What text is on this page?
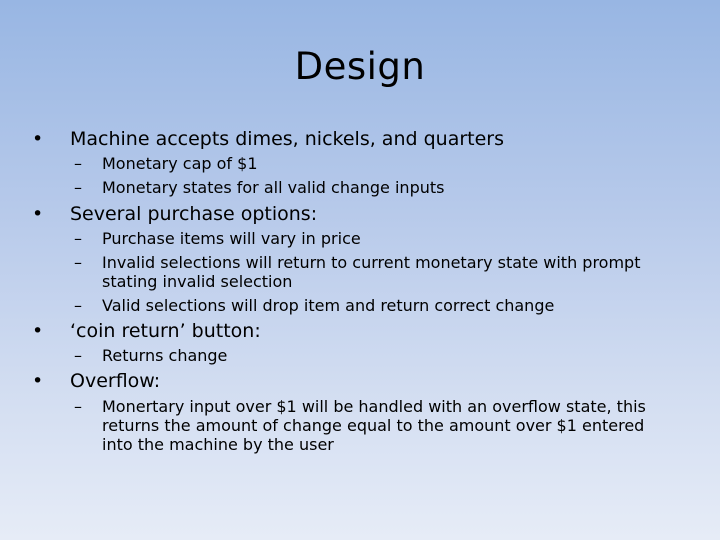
Design
• Machine accepts dimes, nickels, and quarters
– Monetary cap of $1
– Monetary states for all valid change inputs
• Several purchase options:
– Purchase items will vary in price
– Invalid selections will return to current monetary state with prompt stating invalid selection
– Valid selections will drop item and return correct change
• ‘coin return’ button:
– Returns change
• Overflow:
– Monertary input over $1 will be handled with an overflow state, this returns the amount of change equal to the amount over $1 entered into the machine by the user
